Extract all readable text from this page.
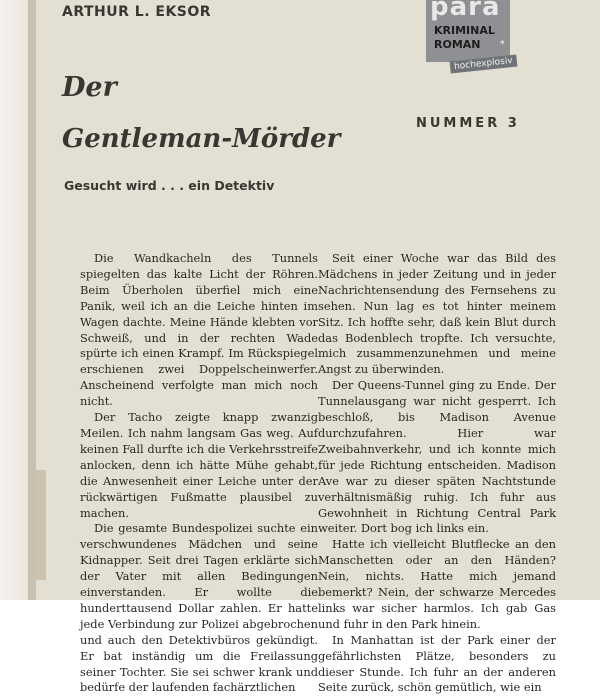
ARTHUR L. EKSOR	para
KRIMINAL
ROMAN *
hochexplosiv
Der
Gentleman-Mörder
NUMMER 3
Gesucht wird . . . ein Detektiv

Die Wandkacheln des Tunnels spiegelten das kalte Licht der Röhren. Beim Überholen überfiel mich eine Panik, weil ich an die Leiche hinten im Wagen dachte. Meine Hände klebten vor Schweiß, und in der rechten Wade spürte ich einen Krampf. Im Rückspiegel erschienen zwei Doppelscheinwerfer. Anscheinend verfolgte man mich noch nicht.

Der Tacho zeigte knapp zwanzig Meilen. Ich nahm langsam Gas weg. Auf keinen Fall durfte ich die Verkehrsstreife anlocken, denn ich hätte Mühe gehabt, die Anwesenheit einer Leiche unter der rückwärtigen Fußmatte plausibel zu machen.

Die gesamte Bundespolizei suchte ein verschwundenes Mädchen und seine Kidnapper. Seit drei Tagen erklärte sich der Vater mit allen Bedingungen einverstanden. Er wollte die hunderttausend Dollar zahlen. Er hatte jede Verbindung zur Polizei abgebrochen und auch den Detektivbüros gekündigt. Er bat inständig um die Freilassung seiner Tochter. Sie sei schwer krank und bedürfe der laufenden fachärztlichen

Seit einer Woche war das Bild des Mädchens in jeder Zeitung und in jeder Nachrichtensendung des Fernsehens zu sehen. Nun lag es tot hinter meinem Sitz. Ich hoffte sehr, daß kein Blut durch das Bodenblech tropfte. Ich versuchte, mich zusammenzunehmen und meine Angst zu überwinden.

Der Queens-Tunnel ging zu Ende. Der Tunnelausgang war nicht gesperrt. Ich beschloß, bis Madison Avenue durchzufahren. Hier war Zweibahnverkehr, und ich konnte mich für jede Richtung entscheiden. Madison Ave war zu dieser späten Nachtstunde verhältnismäßig ruhig. Ich fuhr aus Gewohnheit in Richtung Central Park weiter. Dort bog ich links ein.

Hatte ich vielleicht Blutflecke an den Manschetten oder an den Händen? Nein, nichts. Hatte mich jemand bemerkt? Nein, der schwarze Mercedes links war sicher harmlos. Ich gab Gas und fuhr in den Park hinein.

In Manhattan ist der Park einer der gefährlichsten Plätze, besonders zu dieser Stunde. Ich fuhr an der anderen Seite zurück, schön gemütlich, wie ein
